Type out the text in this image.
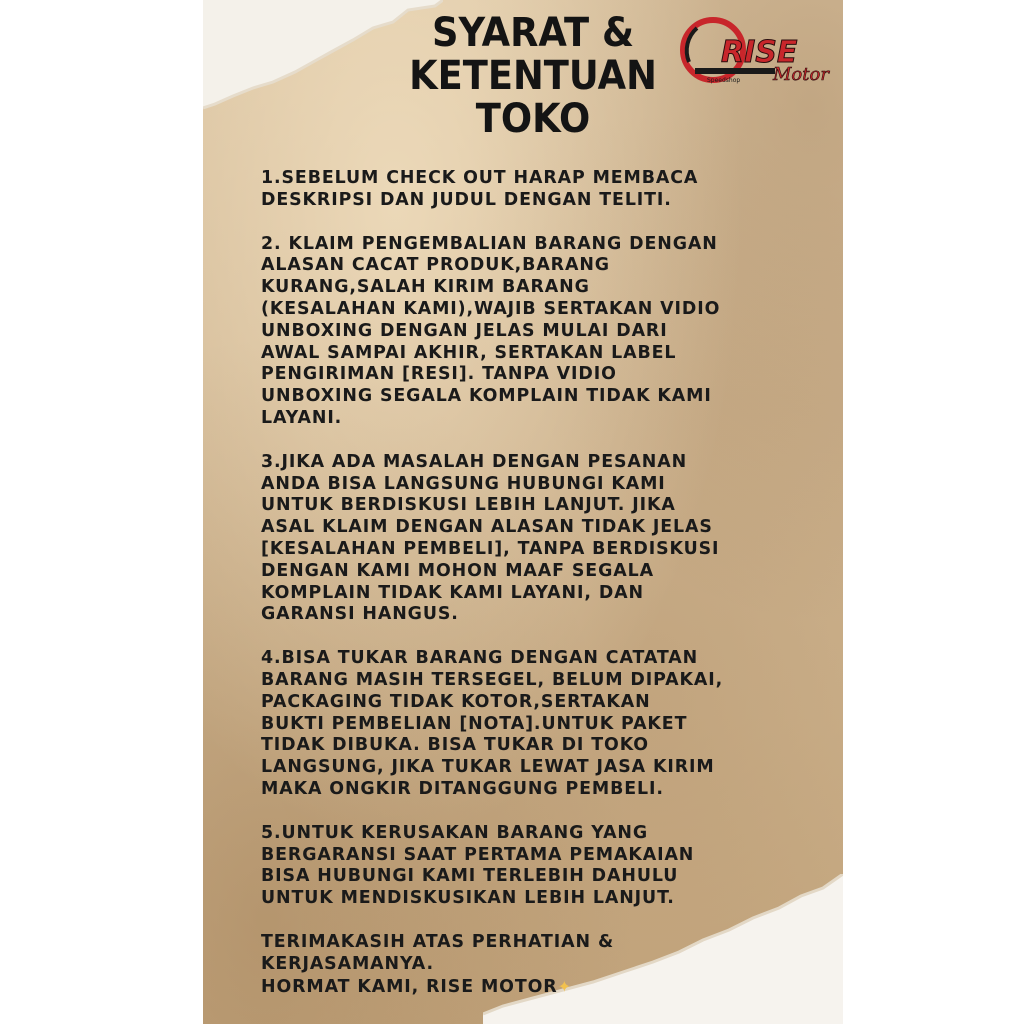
SYARAT &
KETENTUAN
TOKO
RISE
Motor
Speedshop
1.SEBELUM CHECK OUT HARAP MEMBACA
DESKRIPSI DAN JUDUL DENGAN TELITI.
2. KLAIM PENGEMBALIAN BARANG DENGAN
ALASAN CACAT PRODUK,BARANG
KURANG,SALAH KIRIM BARANG
(KESALAHAN KAMI),WAJIB SERTAKAN VIDIO
UNBOXING DENGAN JELAS MULAI DARI
AWAL SAMPAI AKHIR, SERTAKAN LABEL
PENGIRIMAN [RESI]. TANPA VIDIO
UNBOXING SEGALA KOMPLAIN TIDAK KAMI
LAYANI.
3.JIKA ADA MASALAH DENGAN PESANAN
ANDA BISA LANGSUNG HUBUNGI KAMI
UNTUK BERDISKUSI LEBIH LANJUT. JIKA
ASAL KLAIM DENGAN ALASAN TIDAK JELAS
[KESALAHAN PEMBELI], TANPA BERDISKUSI
DENGAN KAMI MOHON MAAF SEGALA
KOMPLAIN TIDAK KAMI LAYANI, DAN
GARANSI HANGUS.
4.BISA TUKAR BARANG DENGAN CATATAN
BARANG MASIH TERSEGEL, BELUM DIPAKAI,
PACKAGING TIDAK KOTOR,SERTAKAN
BUKTI PEMBELIAN [NOTA].UNTUK PAKET
TIDAK DIBUKA. BISA TUKAR DI TOKO
LANGSUNG, JIKA TUKAR LEWAT JASA KIRIM
MAKA ONGKIR DITANGGUNG PEMBELI.
5.UNTUK KERUSAKAN BARANG YANG
BERGARANSI SAAT PERTAMA PEMAKAIAN
BISA HUBUNGI KAMI TERLEBIH DAHULU
UNTUK MENDISKUSIKAN LEBIH LANJUT.
TERIMAKASIH ATAS PERHATIAN &
KERJASAMANYA.
HORMAT KAMI, RISE MOTOR✦
